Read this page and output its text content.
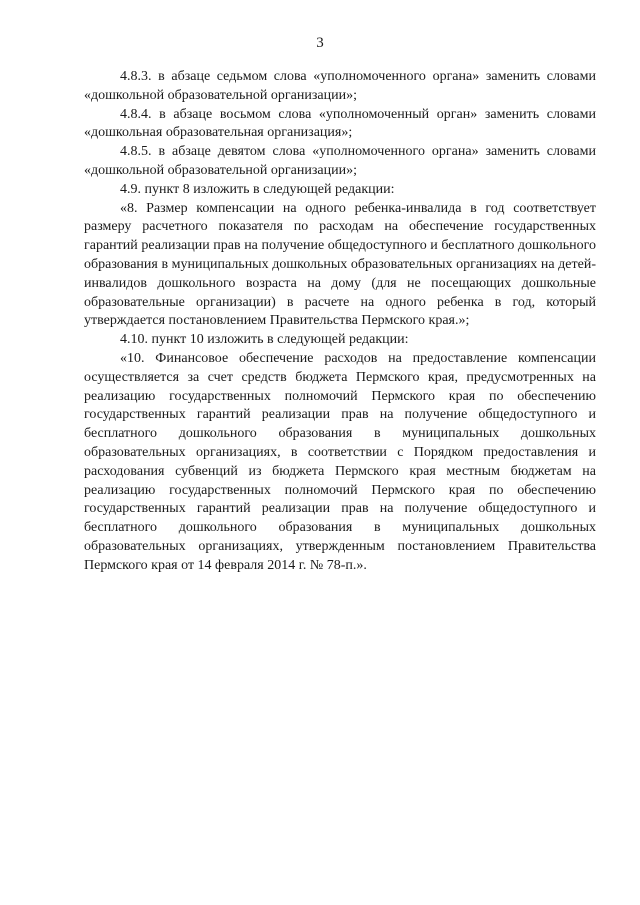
3

4.8.3. в абзаце седьмом слова «уполномоченного органа» заменить словами «дошкольной образовательной организации»;

4.8.4. в абзаце восьмом слова «уполномоченный орган» заменить словами «дошкольная образовательная организация»;

4.8.5. в абзаце девятом слова «уполномоченного органа» заменить словами «дошкольной образовательной организации»;

4.9. пункт 8 изложить в следующей редакции:

«8. Размер компенсации на одного ребенка-инвалида в год соответствует размеру расчетного показателя по расходам на обеспечение государственных гарантий реализации прав на получение общедоступного и бесплатного дошкольного образования в муниципальных дошкольных образовательных организациях на детей-инвалидов дошкольного возраста на дому (для не посещающих дошкольные образовательные организации) в расчете на одного ребенка в год, который утверждается постановлением Правительства Пермского края.»;

4.10. пункт 10 изложить в следующей редакции:

«10. Финансовое обеспечение расходов на предоставление компенсации осуществляется за счет средств бюджета Пермского края, предусмотренных на реализацию государственных полномочий Пермского края по обеспечению государственных гарантий реализации прав на получение общедоступного и бесплатного дошкольного образования в муниципальных дошкольных образовательных организациях, в соответствии с Порядком предоставления и расходования субвенций из бюджета Пермского края местным бюджетам на реализацию государственных полномочий Пермского края по обеспечению государственных гарантий реализации прав на получение общедоступного и бесплатного дошкольного образования в муниципальных дошкольных образовательных организациях, утвержденным постановлением Правительства Пермского края от 14 февраля 2014 г. № 78-п.».
